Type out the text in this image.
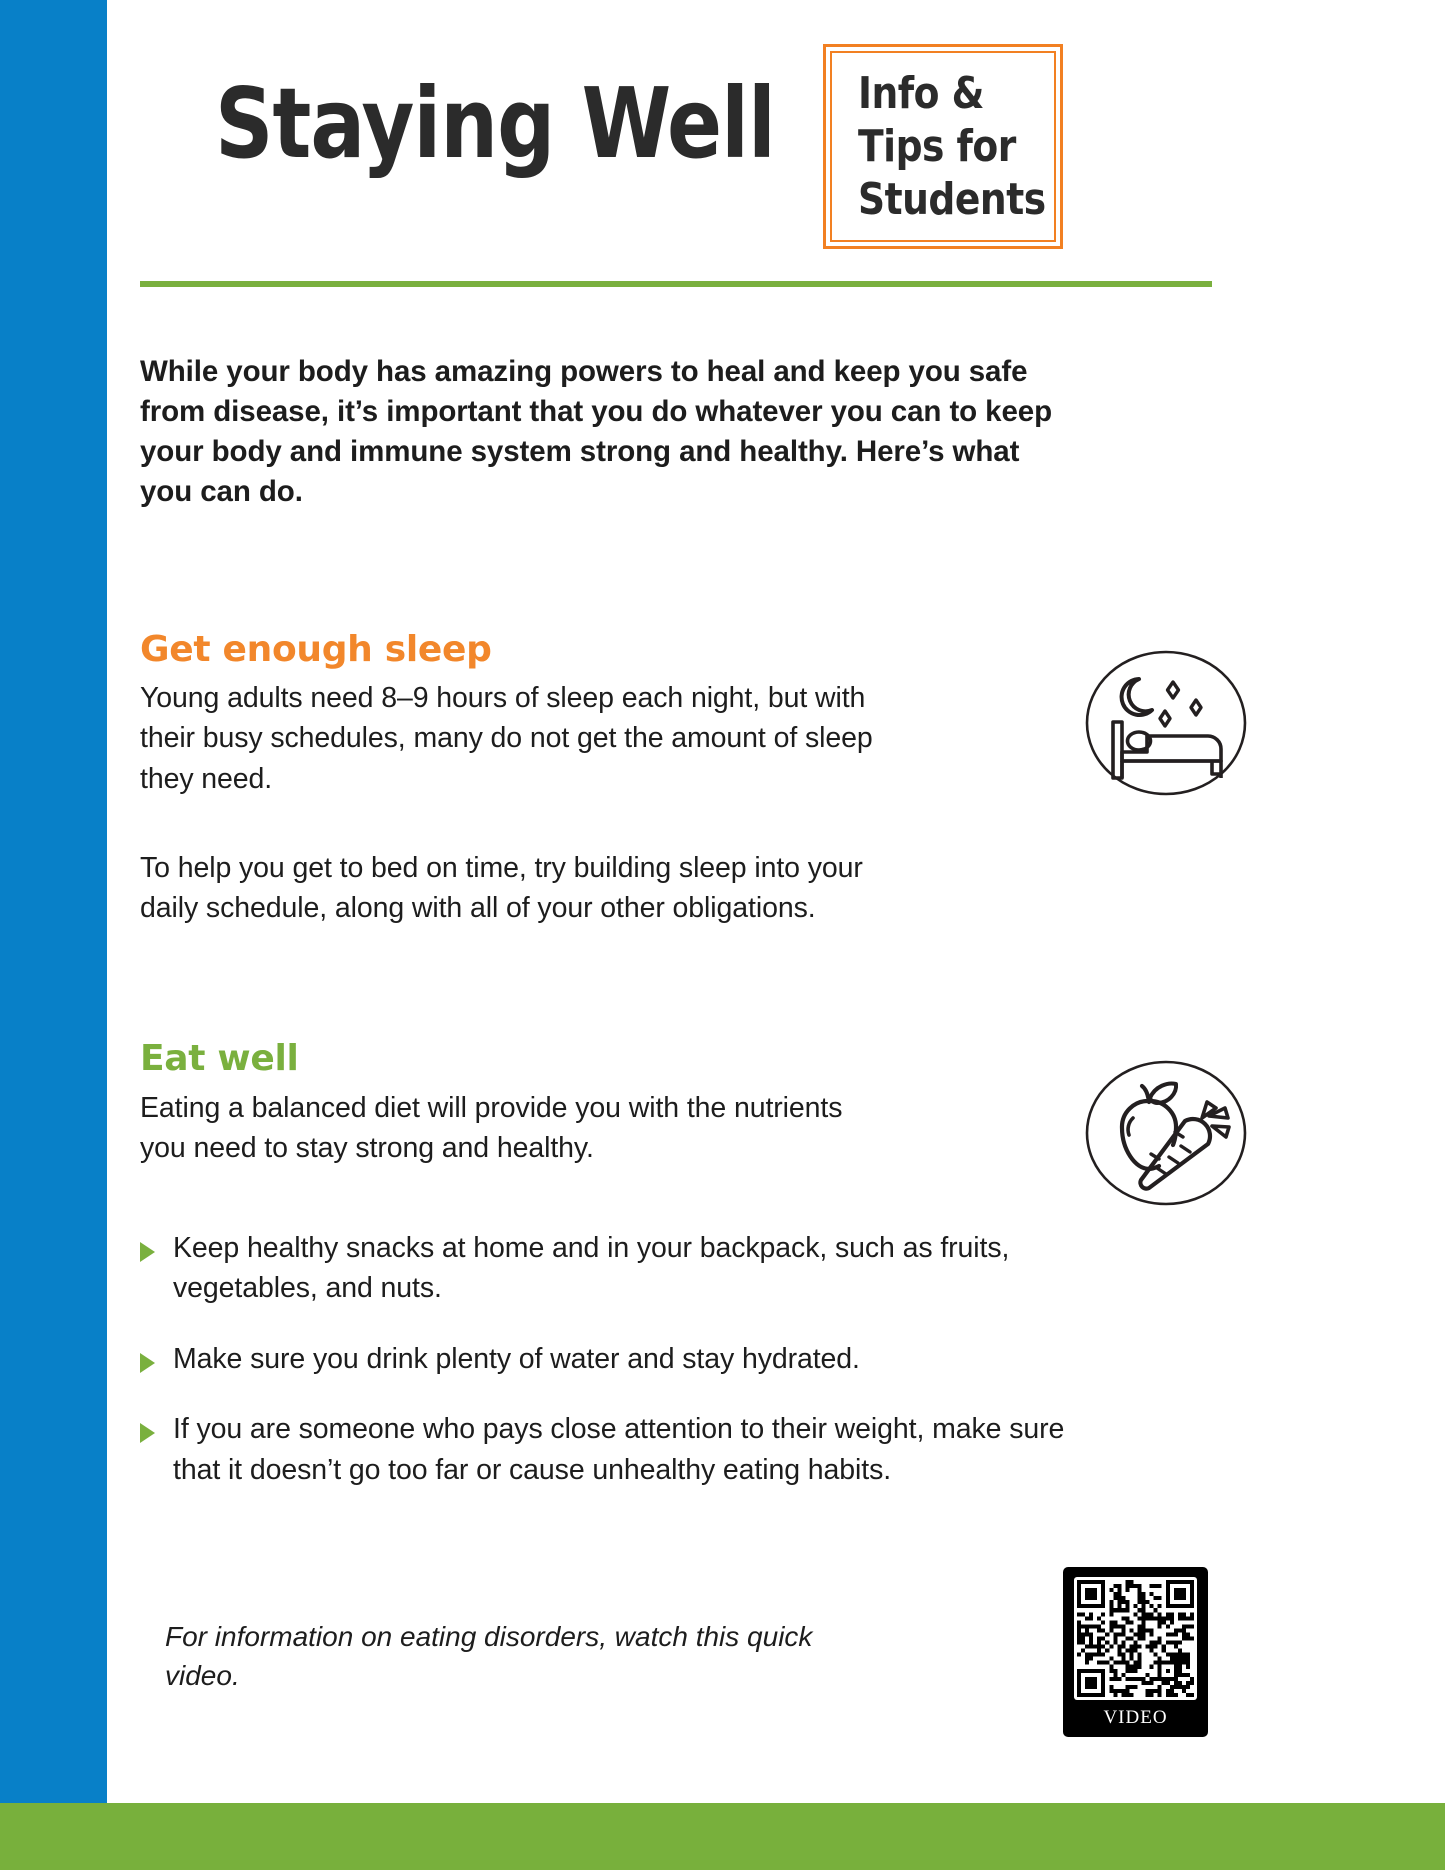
Staying Well Info &
Tips for
Students
While your body has amazing powers to heal and keep you safe from disease, it’s important that you do whatever you can to keep your body and immune system strong and healthy. Here’s what you can do.
Get enough sleep
Young adults need 8–9 hours of sleep each night, but with their busy schedules, many do not get the amount of sleep they need.
To help you get to bed on time, try building sleep into your daily schedule, along with all of your other obligations.
Eat well
Eating a balanced diet will provide you with the nutrients you need to stay strong and healthy.
Keep healthy snacks at home and in your backpack, such as fruits, vegetables, and nuts.
Make sure you drink plenty of water and stay hydrated.
If you are someone who pays close attention to their weight, make sure that it doesn’t go too far or cause unhealthy eating habits.
For information on eating disorders, watch this quick video.
VIDEO
